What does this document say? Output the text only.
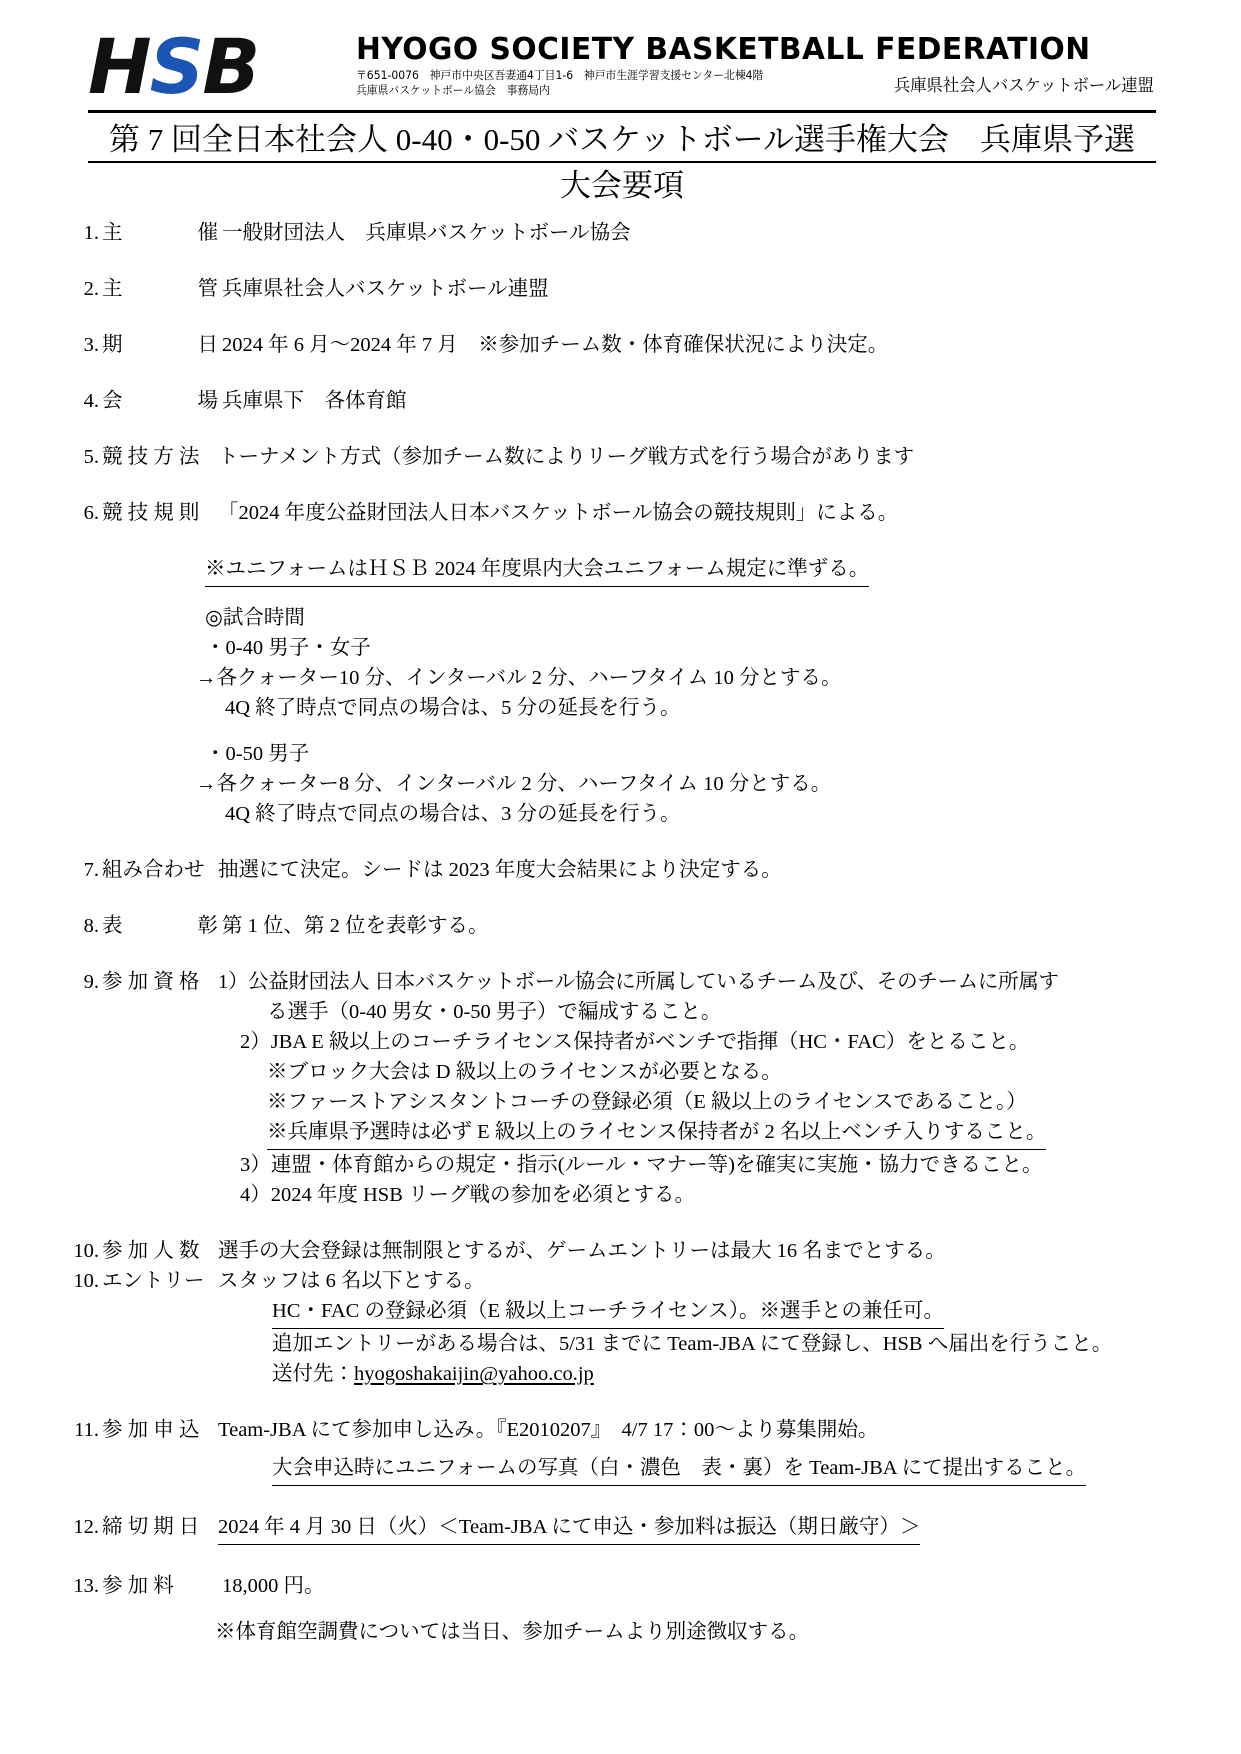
HSB	HYOGO SOCIETY BASKETBALL FEDERATION
〒651-0076　神戸市中央区吾妻通4丁目1-6　神戸市生涯学習支援センター北棟4階
兵庫県バスケットボール協会　事務局内	兵庫県社会人バスケットボール連盟
第 7 回全日本社会人 0-40・0-50 バスケットボール選手権大会　兵庫県予選
大会要項
1. 主	催 一般財団法人　兵庫県バスケットボール協会
2. 主	管 兵庫県社会人バスケットボール連盟
3. 期	日 2024 年 6 月～2024 年 7 月　※参加チーム数・体育確保状況により決定。
4. 会	場 兵庫県下　各体育館
5. 競 技 方 法 トーナメント方式（参加チーム数によりリーグ戦方式を行う場合があります
6. 競 技 規 則 「2024 年度公益財団法人日本バスケットボール協会の競技規則」による。
※ユニフォームはＨＳＢ 2024 年度県内大会ユニフォーム規定に準ずる。
◎試合時間
・0-40 男子・女子
→各クォーター10 分、インターバル 2 分、ハーフタイム 10 分とする。
4Q 終了時点で同点の場合は、5 分の延長を行う。
・0-50 男子
→各クォーター8 分、インターバル 2 分、ハーフタイム 10 分とする。
4Q 終了時点で同点の場合は、3 分の延長を行う。
7. 組み合わせ 抽選にて決定。シードは 2023 年度大会結果により決定する。
8. 表	彰 第 1 位、第 2 位を表彰する。
9. 参 加 資 格 1）公益財団法人 日本バスケットボール協会に所属しているチーム及び、そのチームに所属す
る選手（0-40 男女・0-50 男子）で編成すること。
2）JBA E 級以上のコーチライセンス保持者がベンチで指揮（HC・FAC）をとること。
※ブロック大会は D 級以上のライセンスが必要となる。
※ファーストアシスタントコーチの登録必須（E 級以上のライセンスであること。）
※兵庫県予選時は必ず E 級以上のライセンス保持者が 2 名以上ベンチ入りすること。
3）連盟・体育館からの規定・指示(ルール・マナー等)を確実に実施・協力できること。
4）2024 年度 HSB リーグ戦の参加を必須とする。
10. 参 加 人 数 選手の大会登録は無制限とするが、ゲームエントリーは最大 16 名までとする。
10. エントリー スタッフは 6 名以下とする。
HC・FAC の登録必須（E 級以上コーチライセンス）。※選手との兼任可。
追加エントリーがある場合は、5/31 までに Team-JBA にて登録し、HSB へ届出を行うこと。
送付先：hyogoshakaijin@yahoo.co.jp
11. 参 加 申 込 Team-JBA にて参加申し込み。『E2010207』　4/7 17：00～より募集開始。
大会申込時にユニフォームの写真（白・濃色　表・裏）を Team-JBA にて提出すること。
12. 締 切 期 日 2024 年 4 月 30 日（火）＜Team-JBA にて申込・参加料は振込（期日厳守）＞
13. 参 加 料 18,000 円。
※体育館空調費については当日、参加チームより別途徴収する。
